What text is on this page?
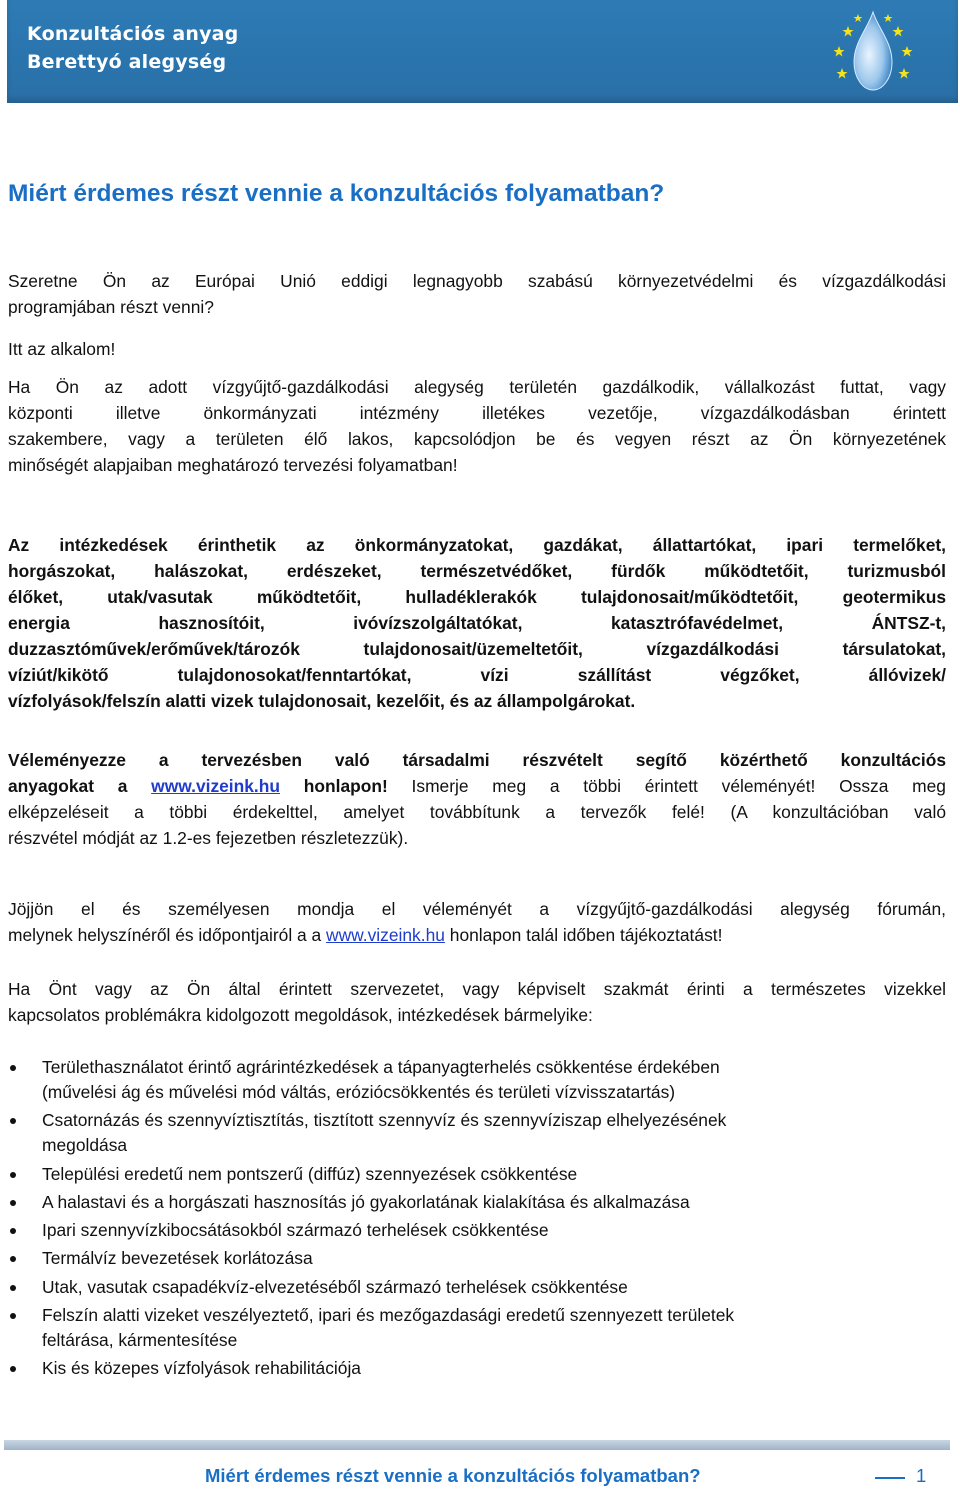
Konzultációs anyag
Berettyó alegység
Miért érdemes részt vennie a konzultációs folyamatban?
Szeretne Ön az Európai Unió eddigi legnagyobb szabású környezetvédelmi és vízgazdálkodási
programjában részt venni?
Itt az alkalom!
Ha Ön az adott vízgyűjtő-gazdálkodási alegység területén gazdálkodik, vállalkozást futtat, vagy
központi illetve önkormányzati intézmény illetékes vezetője, vízgazdálkodásban érintett
szakembere, vagy a területen élő lakos, kapcsolódjon be és vegyen részt az Ön környezetének
minőségét alapjaiban meghatározó tervezési folyamatban!
Az intézkedések érinthetik az önkormányzatokat, gazdákat, állattartókat, ipari termelőket,
horgászokat, halászokat, erdészeket, természetvédőket, fürdők működtetőit, turizmusból
élőket, utak/vasutak működtetőit, hulladéklerakók tulajdonosait/működtetőit, geotermikus
energia hasznosítóit, ivóvízszolgáltatókat, katasztrófavédelmet, ÁNTSZ-t,
duzzasztóművek/erőművek/tározók tulajdonosait/üzemeltetőit, vízgazdálkodási társulatokat,
víziút/kikötő tulajdonosokat/fenntartókat, vízi szállítást végzőket, állóvizek/
vízfolyások/felszín alatti vizek tulajdonosait, kezelőit, és az állampolgárokat.
Véleményezze a tervezésben való társadalmi részvételt segítő közérthető konzultációs
anyagokat a www.vizeink.hu honlapon! Ismerje meg a többi érintett véleményét! Ossza meg
elképzeléseit a többi érdekelttel, amelyet továbbítunk a tervezők felé! (A konzultációban való
részvétel módját az 1.2-es fejezetben részletezzük).
Jöjjön el és személyesen mondja el véleményét a vízgyűjtő-gazdálkodási alegység fórumán,
melynek helyszínéről és időpontjairól a a www.vizeink.hu honlapon talál időben tájékoztatást!
Ha Önt vagy az Ön által érintett szervezetet, vagy képviselt szakmát érinti a természetes vizekkel
kapcsolatos problémákra kidolgozott megoldások, intézkedések bármelyike:
Területhasználatot érintő agrárintézkedések a tápanyagterhelés csökkentése érdekében
(művelési ág és művelési mód váltás, eróziócsökkentés és területi vízvisszatartás)
Csatornázás és szennyvíztisztítás, tisztított szennyvíz és szennyvíziszap elhelyezésének
megoldása
Települési eredetű nem pontszerű (diffúz) szennyezések csökkentése
A halastavi és a horgászati hasznosítás jó gyakorlatának kialakítása és alkalmazása
Ipari szennyvízkibocsátásokból származó terhelések csökkentése
Termálvíz bevezetések korlátozása
Utak, vasutak csapadékvíz-elvezetéséből származó terhelések csökkentése
Felszín alatti vizeket veszélyeztető, ipari és mezőgazdasági eredetű szennyezett területek
feltárása, kármentesítése
Kis és közepes vízfolyások rehabilitációja
Miért érdemes részt vennie a konzultációs folyamatban?	1
